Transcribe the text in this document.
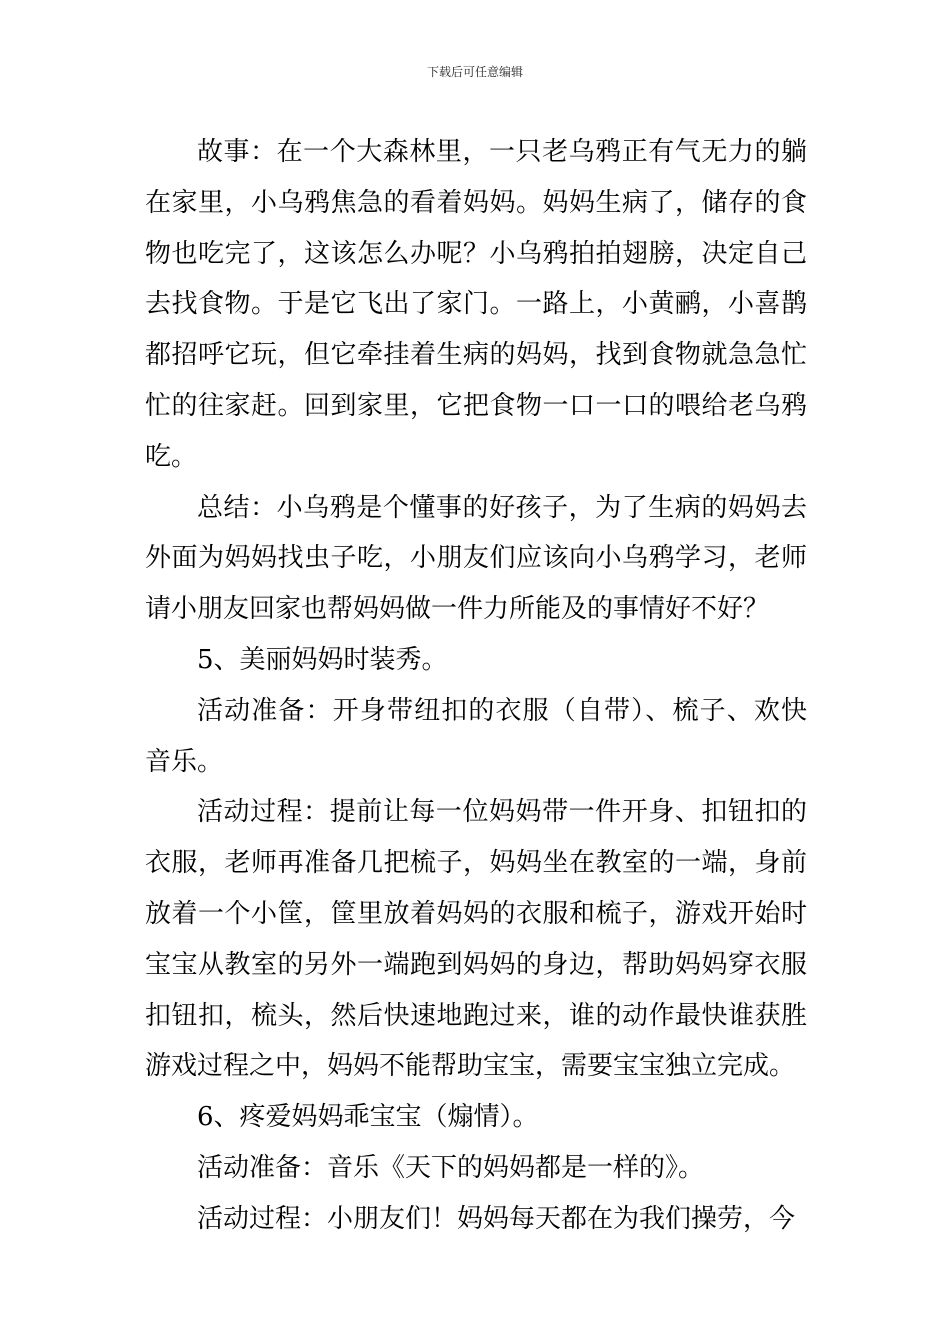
下载后可任意编辑

故事：在一个大森林里，一只老乌鸦正有气无力的躺在家里，小乌鸦焦急的看着妈妈。妈妈生病了，储存的食物也吃完了，这该怎么办呢？小乌鸦拍拍翅膀，决定自己去找食物。于是它飞出了家门。一路上，小黄鹂，小喜鹊都招呼它玩，但它牵挂着生病的妈妈，找到食物就急急忙忙的往家赶。回到家里，它把食物一口一口的喂给老乌鸦吃。

总结：小乌鸦是个懂事的好孩子，为了生病的妈妈去外面为妈妈找虫子吃，小朋友们应该向小乌鸦学习，老师请小朋友回家也帮妈妈做一件力所能及的事情好不好？

5、美丽妈妈时装秀。

活动准备：开身带纽扣的衣服（自带）、梳子、欢快音乐。

活动过程：提前让每一位妈妈带一件开身、扣钮扣的衣服，老师再准备几把梳子，妈妈坐在教室的一端，身前放着一个小筐，筐里放着妈妈的衣服和梳子，游戏开始时宝宝从教室的另外一端跑到妈妈的身边，帮助妈妈穿衣服扣钮扣，梳头，然后快速地跑过来，谁的动作最快谁获胜游戏过程之中，妈妈不能帮助宝宝，需要宝宝独立完成。

6、疼爱妈妈乖宝宝（煽情）。

活动准备：音乐《天下的妈妈都是一样的》。

活动过程：小朋友们！妈妈每天都在为我们操劳，今
